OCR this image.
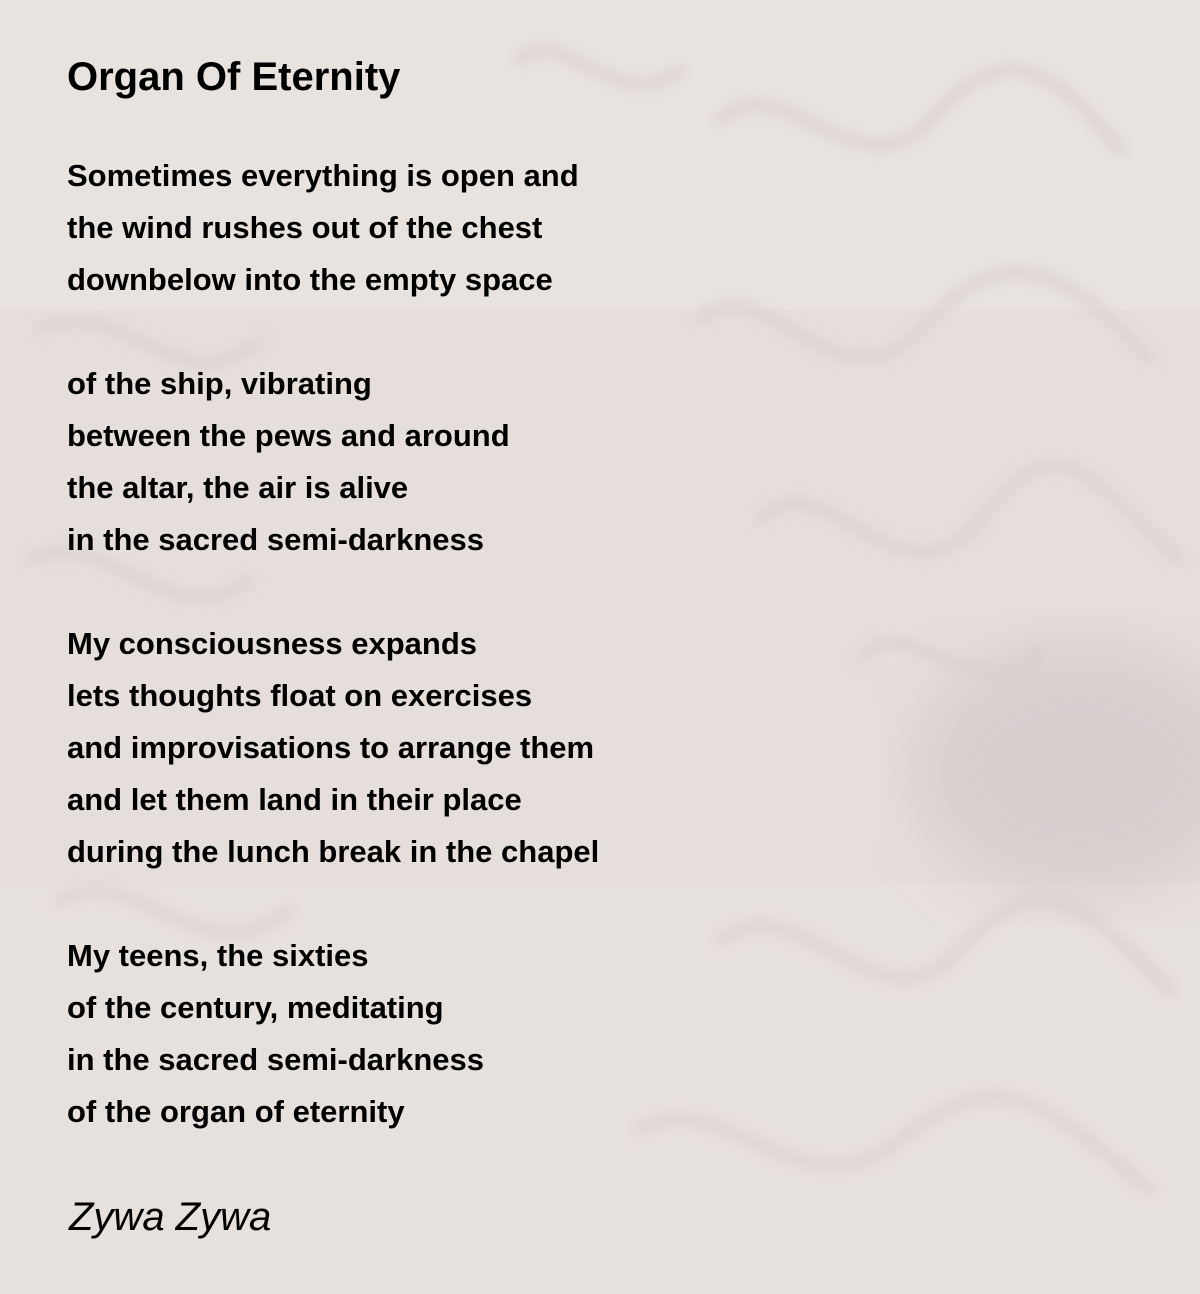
Organ Of Eternity
Sometimes everything is open and
the wind rushes out of the chest
downbelow into the empty space
of the ship, vibrating
between the pews and around
the altar, the air is alive
in the sacred semi-darkness
My consciousness expands
lets thoughts float on exercises
and improvisations to arrange them
and let them land in their place
during the lunch break in the chapel
My teens, the sixties
of the century, meditating
in the sacred semi-darkness
of the organ of eternity
Zywa Zywa
